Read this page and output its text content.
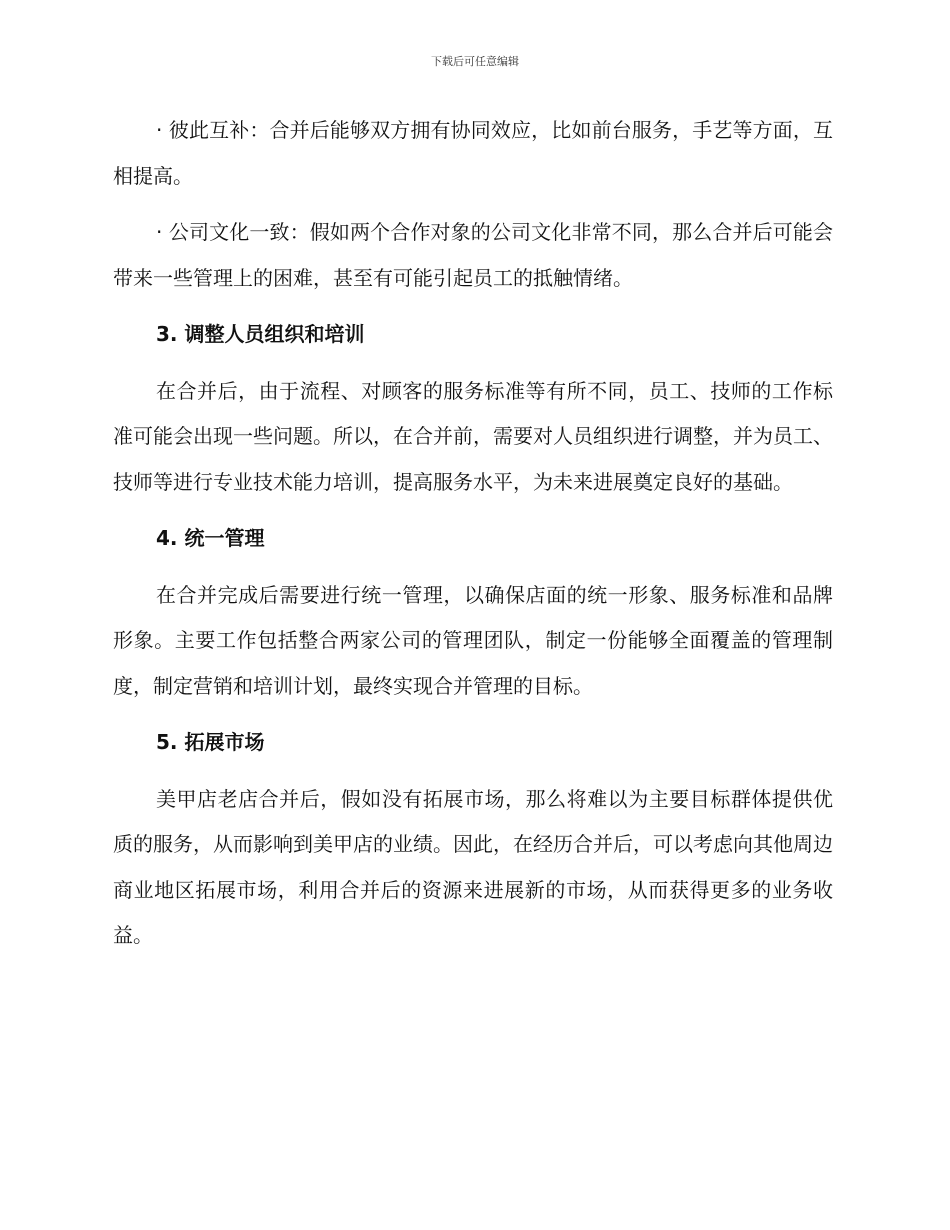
下载后可任意编辑

· 彼此互补：合并后能够双方拥有协同效应，比如前台服务，手艺等方面，互相提高。

· 公司文化一致：假如两个合作对象的公司文化非常不同，那么合并后可能会带来一些管理上的困难，甚至有可能引起员工的抵触情绪。

3. 调整人员组织和培训

在合并后，由于流程、对顾客的服务标准等有所不同，员工、技师的工作标准可能会出现一些问题。所以，在合并前，需要对人员组织进行调整，并为员工、技师等进行专业技术能力培训，提高服务水平，为未来进展奠定良好的基础。

4. 统一管理

在合并完成后需要进行统一管理，以确保店面的统一形象、服务标准和品牌形象。主要工作包括整合两家公司的管理团队，制定一份能够全面覆盖的管理制度，制定营销和培训计划，最终实现合并管理的目标。

5. 拓展市场

美甲店老店合并后，假如没有拓展市场，那么将难以为主要目标群体提供优质的服务，从而影响到美甲店的业绩。因此，在经历合并后，可以考虑向其他周边商业地区拓展市场，利用合并后的资源来进展新的市场，从而获得更多的业务收益。
